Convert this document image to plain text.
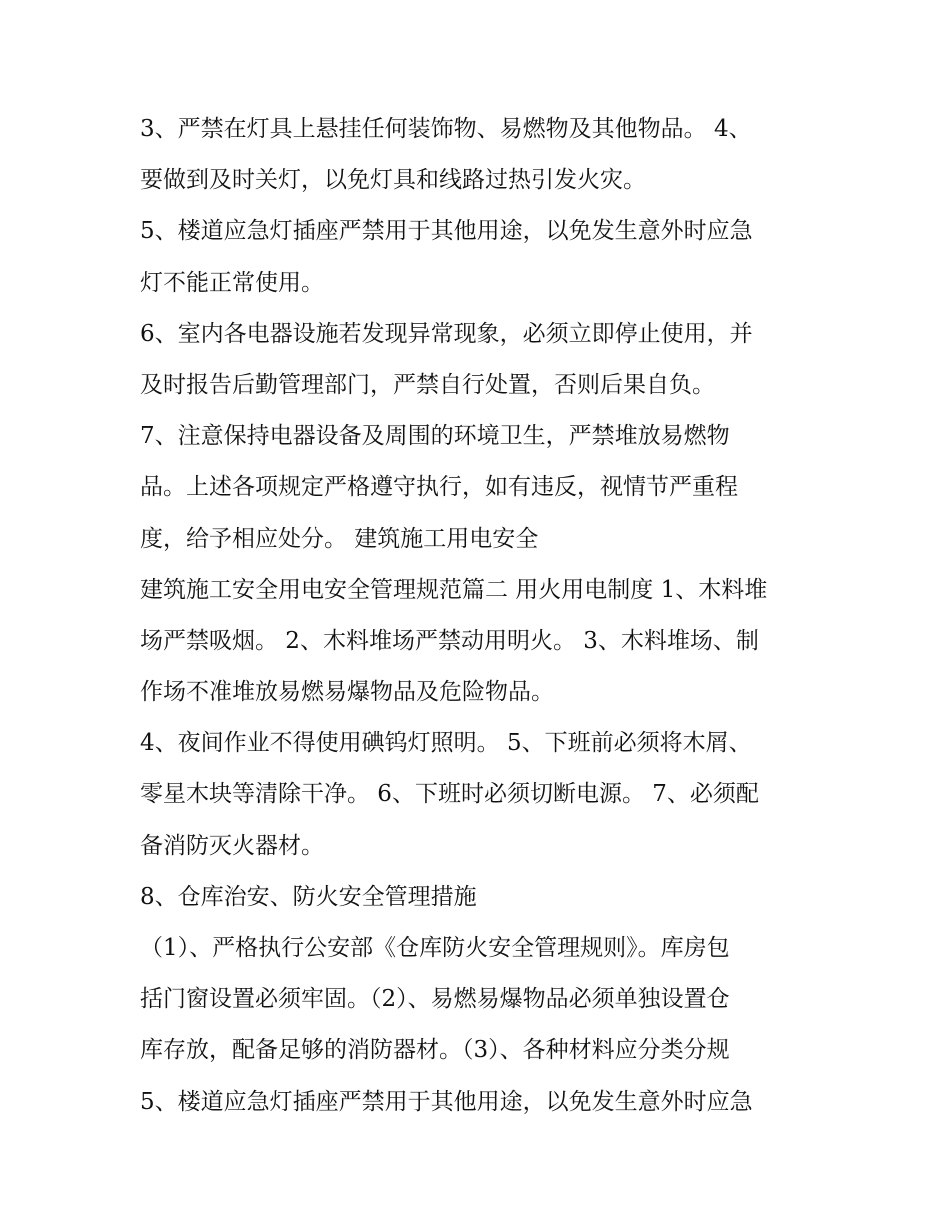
3、严禁在灯具上悬挂任何装饰物、易燃物及其他物品。 4、
要做到及时关灯，以免灯具和线路过热引发火灾。
5、楼道应急灯插座严禁用于其他用途，以免发生意外时应急
灯不能正常使用。
6、室内各电器设施若发现异常现象，必须立即停止使用，并
及时报告后勤管理部门，严禁自行处置，否则后果自负。
7、注意保持电器设备及周围的环境卫生，严禁堆放易燃物
品。上述各项规定严格遵守执行，如有违反，视情节严重程
度，给予相应处分。 建筑施工用电安全
建筑施工安全用电安全管理规范篇二 用火用电制度 1、木料堆
场严禁吸烟。 2、木料堆场严禁动用明火。 3、木料堆场、制
作场不准堆放易燃易爆物品及危险物品。
4、夜间作业不得使用碘钨灯照明。 5、下班前必须将木屑、
零星木块等清除干净。 6、下班时必须切断电源。 7、必须配
备消防灭火器材。
8、仓库治安、防火安全管理措施
（1）、严格执行公安部《仓库防火安全管理规则》。库房包
括门窗设置必须牢固。（2）、易燃易爆物品必须单独设置仓
库存放，配备足够的消防器材。（3）、各种材料应分类分规
5、楼道应急灯插座严禁用于其他用途，以免发生意外时应急
